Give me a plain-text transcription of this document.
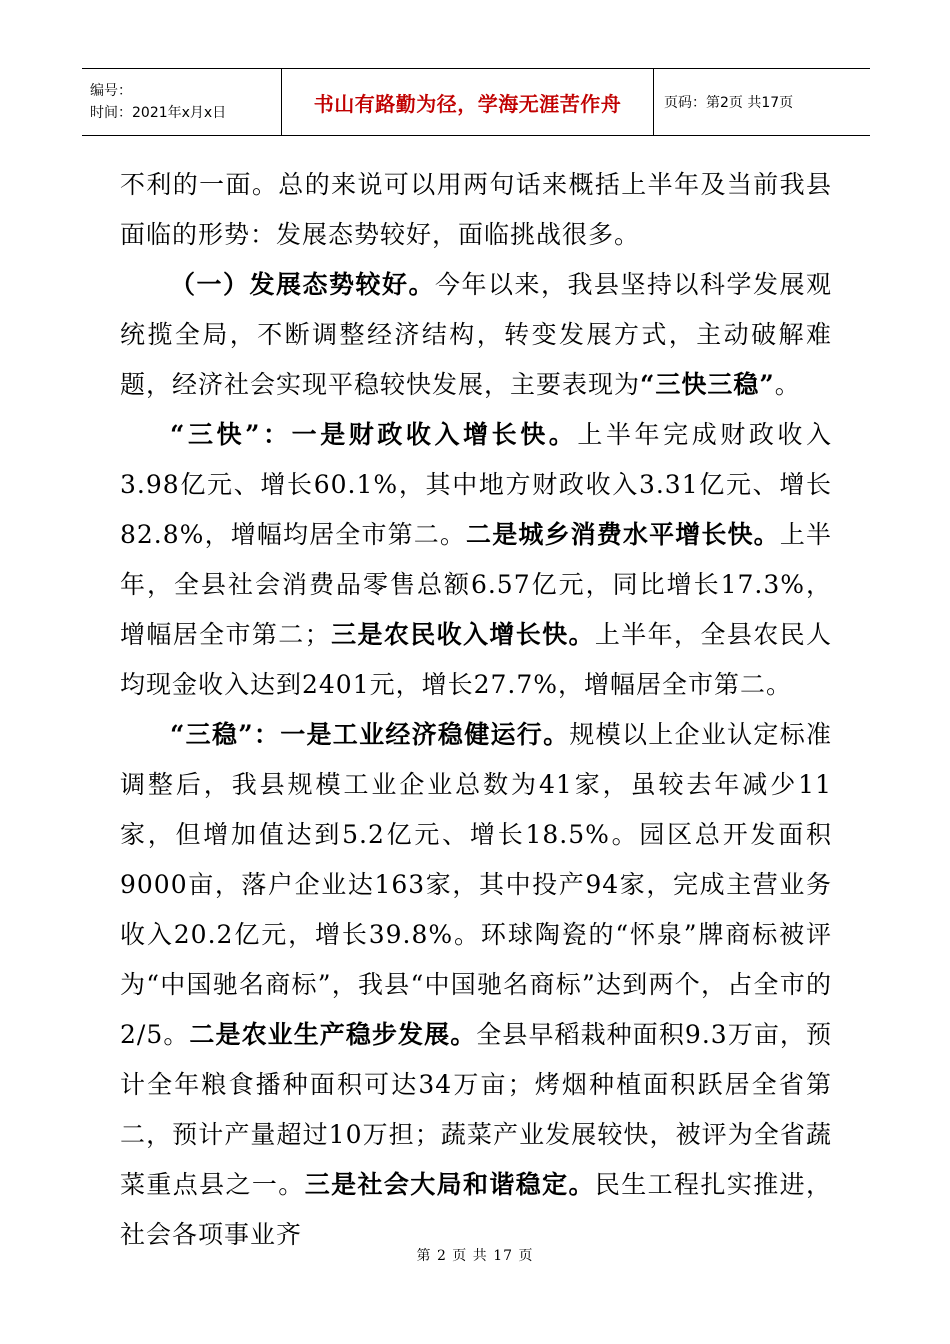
编号：
时间：2021年x月x日	书山有路勤为径，学海无涯苦作舟	页码：第2页 共17页

不利的一面。总的来说可以用两句话来概括上半年及当前我县面临的形势：发展态势较好，面临挑战很多。

（一）发展态势较好。今年以来，我县坚持以科学发展观统揽全局，不断调整经济结构，转变发展方式，主动破解难题，经济社会实现平稳较快发展，主要表现为“三快三稳”。

“三快”：一是财政收入增长快。上半年完成财政收入3.98亿元、增长60.1%，其中地方财政收入3.31亿元、增长82.8%，增幅均居全市第二。二是城乡消费水平增长快。上半年，全县社会消费品零售总额6.57亿元，同比增长17.3%，增幅居全市第二；三是农民收入增长快。上半年，全县农民人均现金收入达到2401元，增长27.7%，增幅居全市第二。

“三稳”：一是工业经济稳健运行。规模以上企业认定标准调整后，我县规模工业企业总数为41家，虽较去年减少11家，但增加值达到5.2亿元、增长18.5%。园区总开发面积9000亩，落户企业达163家，其中投产94家，完成主营业务收入20.2亿元，增长39.8%。环球陶瓷的“怀泉”牌商标被评为“中国驰名商标”，我县“中国驰名商标”达到两个，占全市的2/5。二是农业生产稳步发展。全县早稻栽种面积9.3万亩，预计全年粮食播种面积可达34万亩；烤烟种植面积跃居全省第二，预计产量超过10万担；蔬菜产业发展较快，被评为全省蔬菜重点县之一。三是社会大局和谐稳定。民生工程扎实推进，社会各项事业齐

第 2 页 共 17 页
